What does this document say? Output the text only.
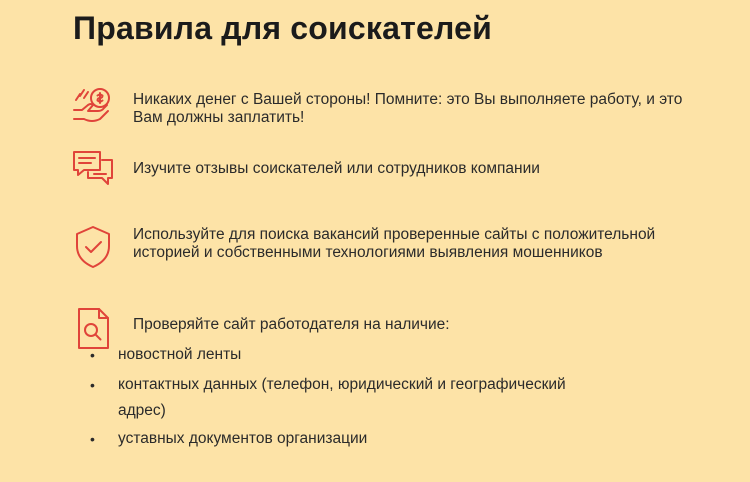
Правила для соискателей
Никаких денег с Вашей стороны! Помните: это Вы выполняете работу, и это Вам должны заплатить!
Изучите отзывы соискателей или сотрудников компании
Используйте для поиска вакансий проверенные сайты с положительной историей и собственными технологиями выявления мошенников
Проверяйте сайт работодателя на наличие:
• новостной ленты
• контактных данных (телефон, юридический и географический адрес)
• уставных документов организации
